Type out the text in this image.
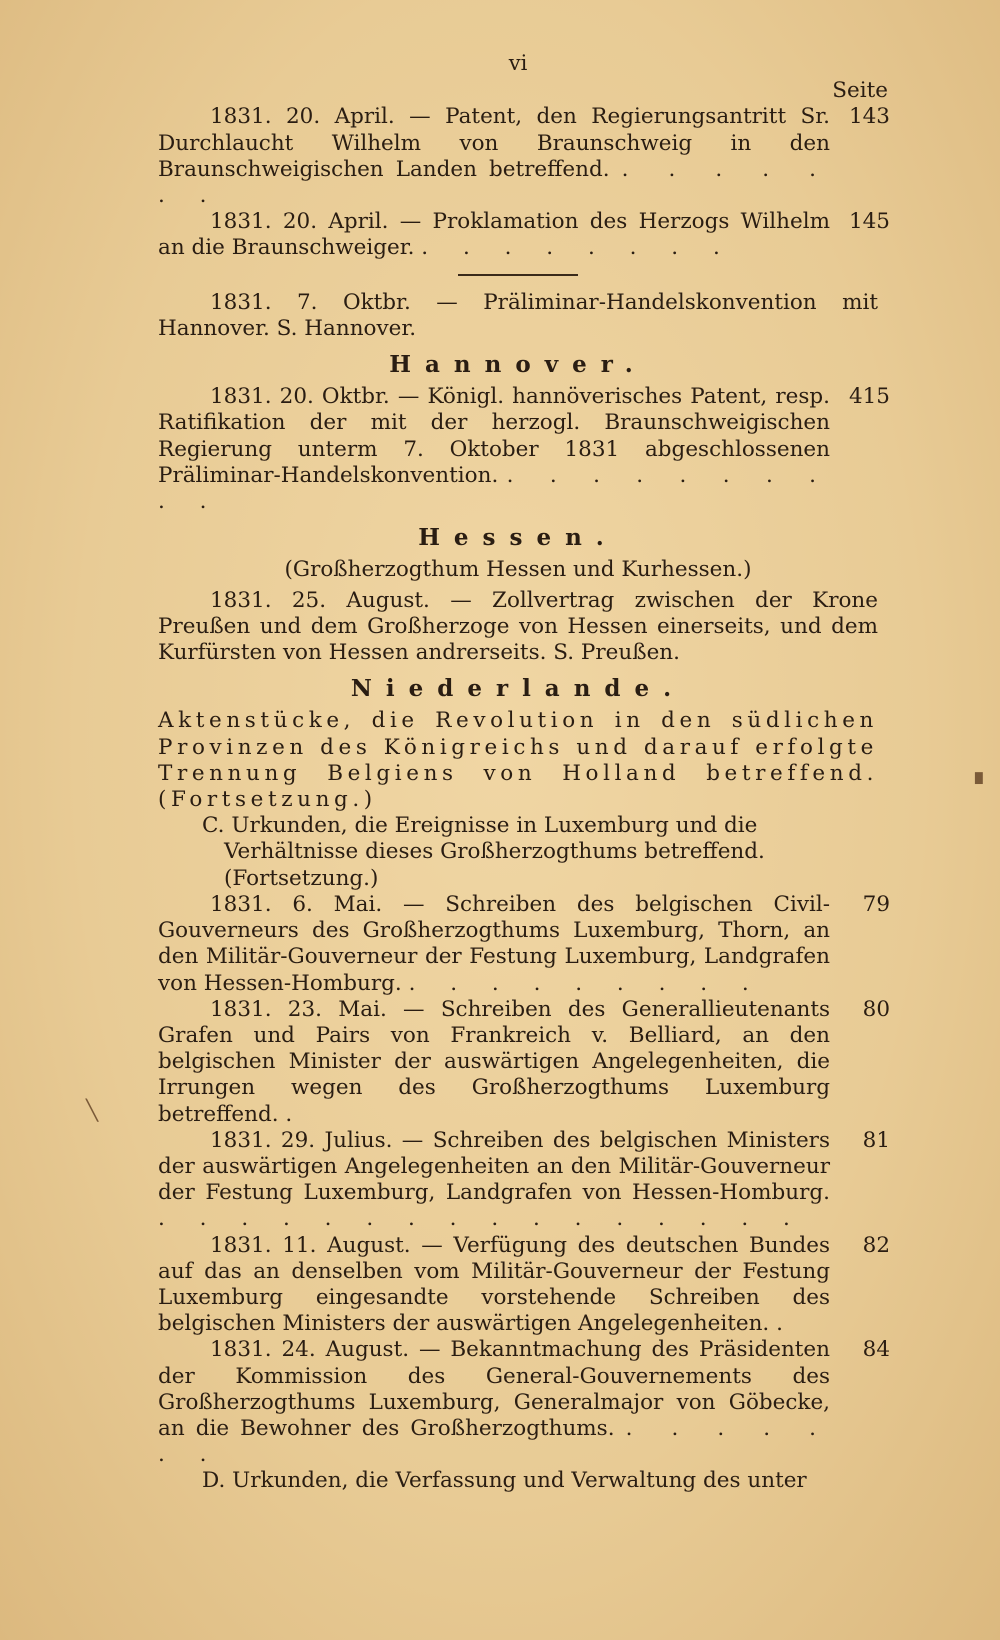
vi
Seite

1831. 20. April. — Patent, den Regierungsantritt Sr. Durchlaucht Wilhelm von Braunschweig in den Braunschweigischen Landen betreffend. . . . . . . .

143

1831. 20. April. — Proklamation des Herzogs Wilhelm an die Braunschweiger. . . . . . . . .

145

1831. 7. Oktbr. — Präliminar-Handelskonvention mit Hannover. S. Hannover.

Hannover.

1831. 20. Oktbr. — Königl. hannöverisches Patent, resp. Ratifikation der mit der herzogl. Braunschweigischen Regierung unterm 7. Oktober 1831 abgeschlossenen Präliminar-Handelskonvention. . . . . . . . . . .

415
Hessen.
(Großherzogthum Hessen und Kurhessen.)

1831. 25. August. — Zollvertrag zwischen der Krone Preußen und dem Großherzoge von Hessen einerseits, und dem Kurfürsten von Hessen andrerseits. S. Preußen.

Niederlande.

Aktenstücke, die Revolution in den südlichen Provinzen des Königreichs und darauf erfolgte Trennung Belgiens von Holland betreffend. (Fortsetzung.)

C. Urkunden, die Ereignisse in Luxemburg und die Verhältnisse dieses Großherzogthums betreffend. (Fortsetzung.)

1831. 6. Mai. — Schreiben des belgischen Civil-Gouverneurs des Großherzogthums Luxemburg, Thorn, an den Militär-Gouverneur der Festung Luxemburg, Landgrafen von Hessen-Homburg. . . . . . . . . .

79

1831. 23. Mai. — Schreiben des Generallieutenants Grafen und Pairs von Frankreich v. Belliard, an den belgischen Minister der auswärtigen Angelegenheiten, die Irrungen wegen des Großherzogthums Luxemburg betreffend. .

80

1831. 29. Julius. — Schreiben des belgischen Ministers der auswärtigen Angelegenheiten an den Militär-Gouverneur der Festung Luxemburg, Landgrafen von Hessen-Homburg. . . . . . . . . . . . . . . . .

81

1831. 11. August. — Verfügung des deutschen Bundes auf das an denselben vom Militär-Gouverneur der Festung Luxemburg eingesandte vorstehende Schreiben des belgischen Ministers der auswärtigen Angelegenheiten. .

82

1831. 24. August. — Bekanntmachung des Präsidenten der Kommission des General-Gouvernements des Großherzogthums Luxemburg, Generalmajor von Göbecke, an die Bewohner des Großherzogthums. . . . . . . .

84

D. Urkunden, die Verfassung und Verwaltung des unter

╲
▘
